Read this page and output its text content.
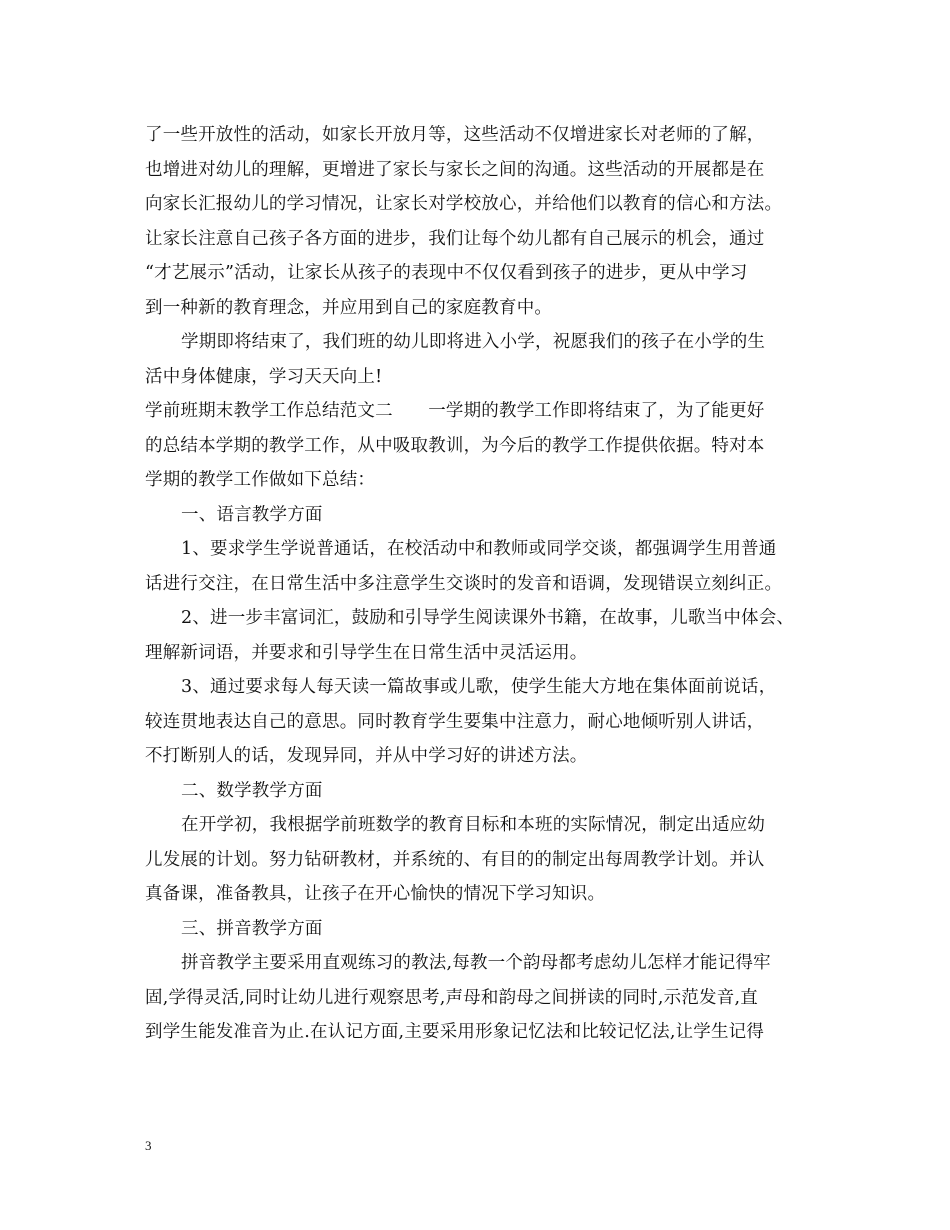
了一些开放性的活动，如家长开放月等，这些活动不仅增进家长对老师的了解，
也增进对幼儿的理解，更增进了家长与家长之间的沟通。这些活动的开展都是在
向家长汇报幼儿的学习情况，让家长对学校放心，并给他们以教育的信心和方法。
让家长注意自己孩子各方面的进步，我们让每个幼儿都有自己展示的机会，通过
“才艺展示”活动，让家长从孩子的表现中不仅仅看到孩子的进步，更从中学习
到一种新的教育理念，并应用到自己的家庭教育中。
学期即将结束了，我们班的幼儿即将进入小学，祝愿我们的孩子在小学的生
活中身体健康，学习天天向上!
学前班期末教学工作总结范文二　　一学期的教学工作即将结束了，为了能更好
的总结本学期的教学工作，从中吸取教训，为今后的教学工作提供依据。特对本
学期的教学工作做如下总结：
一、语言教学方面
1、要求学生学说普通话，在校活动中和教师或同学交谈，都强调学生用普通
话进行交注，在日常生活中多注意学生交谈时的发音和语调，发现错误立刻纠正。
2、进一步丰富词汇，鼓励和引导学生阅读课外书籍，在故事，儿歌当中体会、
理解新词语，并要求和引导学生在日常生活中灵活运用。
3、通过要求每人每天读一篇故事或儿歌，使学生能大方地在集体面前说话，
较连贯地表达自己的意思。同时教育学生要集中注意力，耐心地倾听别人讲话，
不打断别人的话，发现异同，并从中学习好的讲述方法。
二、数学教学方面
在开学初，我根据学前班数学的教育目标和本班的实际情况，制定出适应幼
儿发展的计划。努力钻研教材，并系统的、有目的的制定出每周教学计划。并认
真备课，准备教具，让孩子在开心愉快的情况下学习知识。
三、拼音教学方面
拼音教学主要采用直观练习的教法,每教一个韵母都考虑幼儿怎样才能记得牢
固,学得灵活,同时让幼儿进行观察思考,声母和韵母之间拼读的同时,示范发音,直
到学生能发准音为止.在认记方面,主要采用形象记忆法和比较记忆法,让学生记得
3
